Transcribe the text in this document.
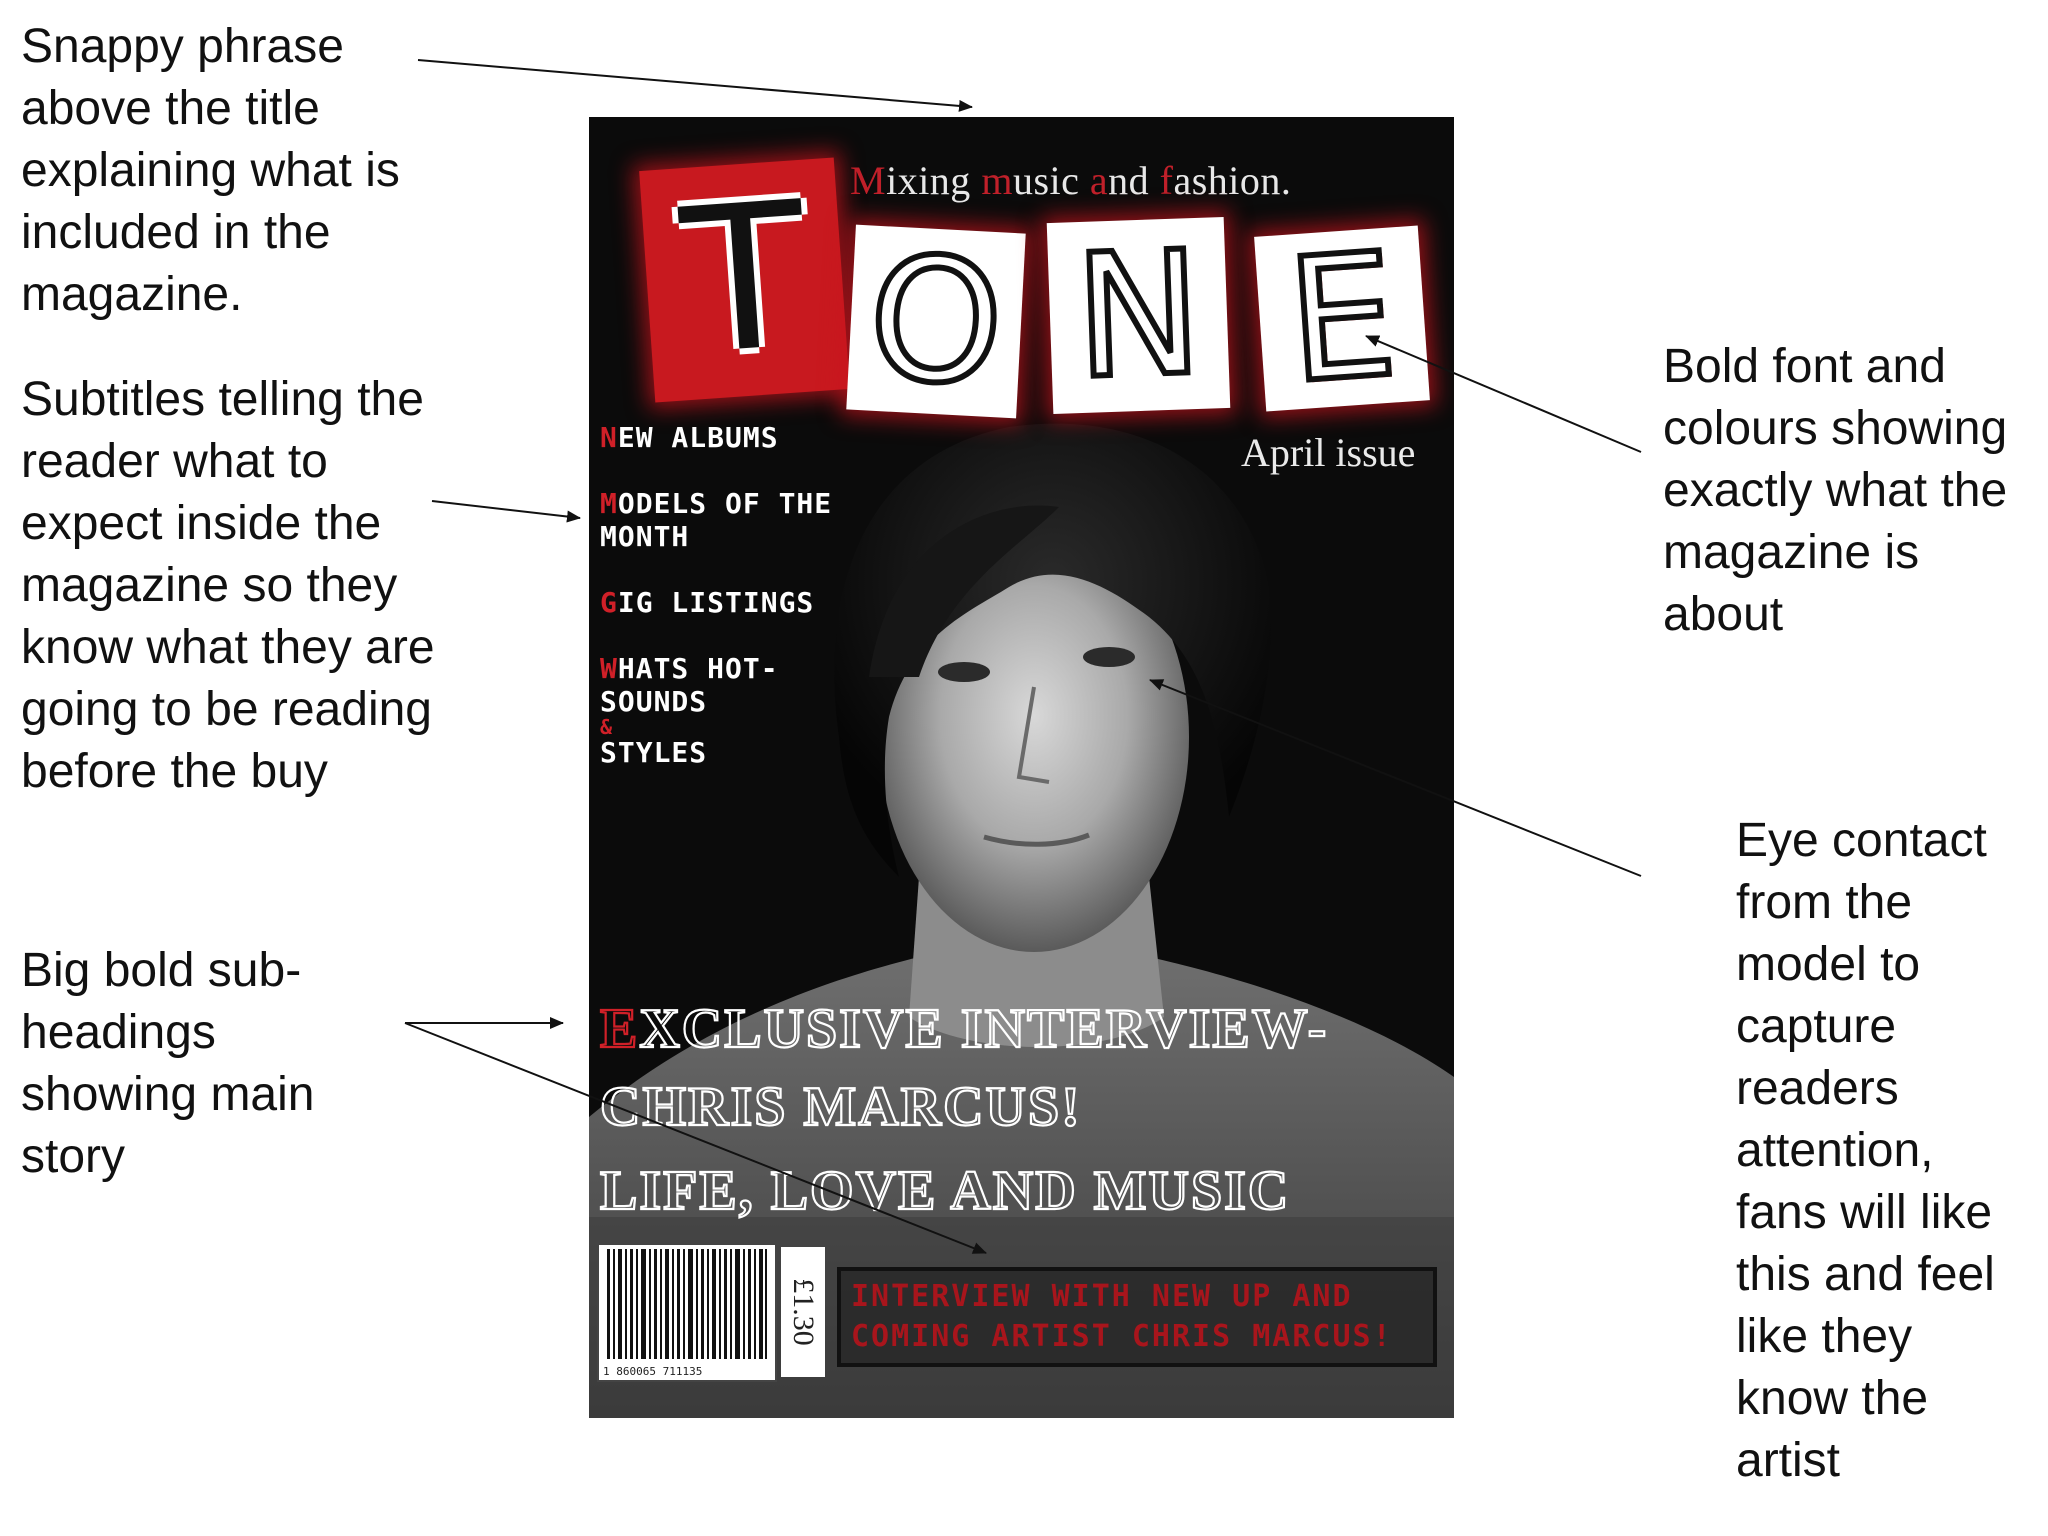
Snappy phrase above the title explaining what is included in the magazine.

Subtitles telling the reader what to expect inside the magazine so they know what they are going to be reading before the buy

Big bold sub-headings showing main story

Bold font and colours showing exactly what the magazine is about

Eye contact from the model to capture readers attention, fans will like this and feel like they know the artist

Mixing music and fashion.
T O N E
April issue
NEW ALBUMS
MODELS OF THE MONTH
GIG LISTINGS
WHATS HOT- SOUNDS
&
STYLES
EXCLUSIVE INTERVIEW-
CHRIS MARCUS!
LIFE, LOVE AND MUSIC
1 860065 711135
£1.30 INTERVIEW WITH NEW UP AND

COMING ARTIST CHRIS MARCUS!
